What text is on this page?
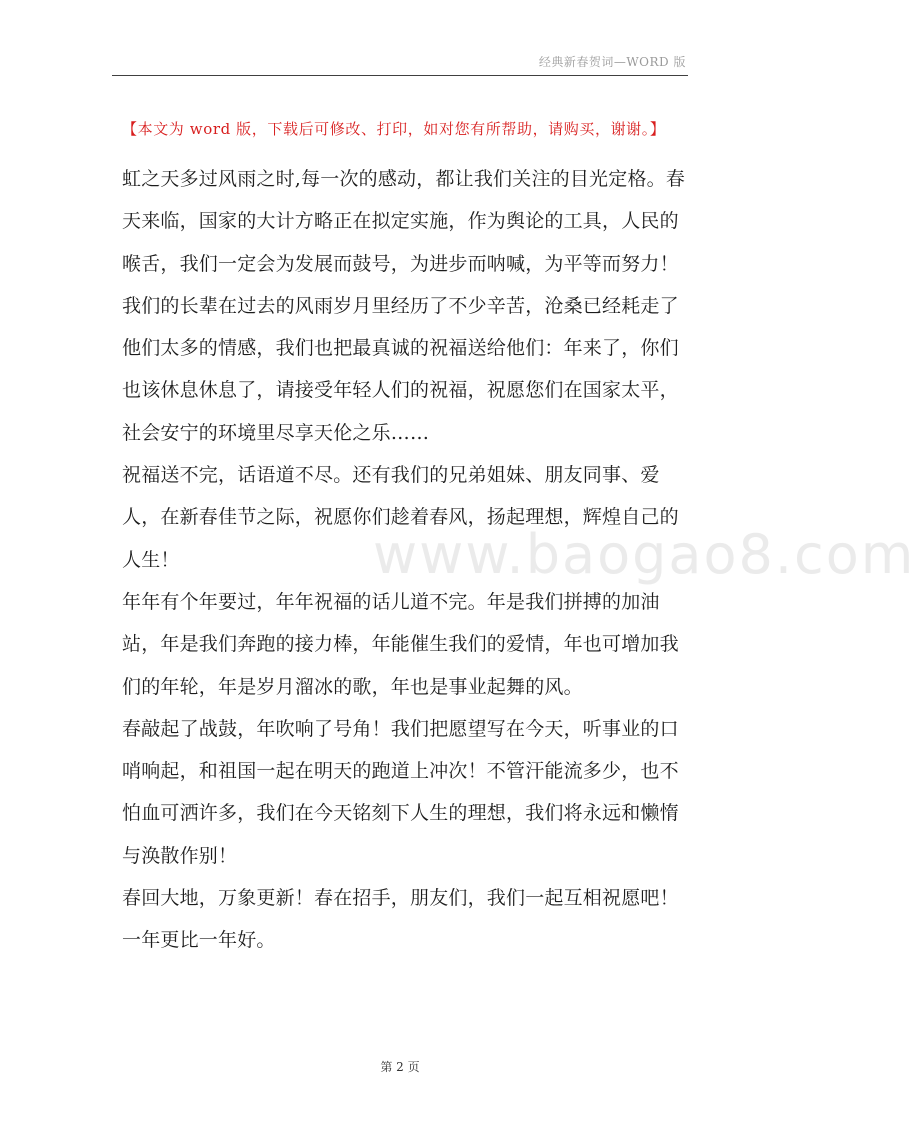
经典新春贺词—WORD 版
【本文为 word 版，下载后可修改、打印，如对您有所帮助，请购买，谢谢。】
www.baogao8.com

虹之天多过风雨之时,每一次的感动，都让我们关注的目光定格。春天来临，国家的大计方略正在拟定实施，作为舆论的工具，人民的喉舌，我们一定会为发展而鼓号，为进步而呐喊，为平等而努力！

我们的长辈在过去的风雨岁月里经历了不少辛苦，沧桑已经耗走了他们太多的情感，我们也把最真诚的祝福送给他们：年来了，你们也该休息休息了，请接受年轻人们的祝福，祝愿您们在国家太平，社会安宁的环境里尽享天伦之乐……

祝福送不完，话语道不尽。还有我们的兄弟姐妹、朋友同事、爱人，在新春佳节之际，祝愿你们趁着春风，扬起理想，辉煌自己的人生！

年年有个年要过，年年祝福的话儿道不完。年是我们拼搏的加油站，年是我们奔跑的接力棒，年能催生我们的爱情，年也可增加我们的年轮，年是岁月溜冰的歌，年也是事业起舞的风。

春敲起了战鼓，年吹响了号角！我们把愿望写在今天，听事业的口哨响起，和祖国一起在明天的跑道上冲次！不管汗能流多少，也不怕血可洒许多，我们在今天铭刻下人生的理想，我们将永远和懒惰与涣散作别！

春回大地，万象更新！春在招手，朋友们，我们一起互相祝愿吧！一年更比一年好。

第 2 页
